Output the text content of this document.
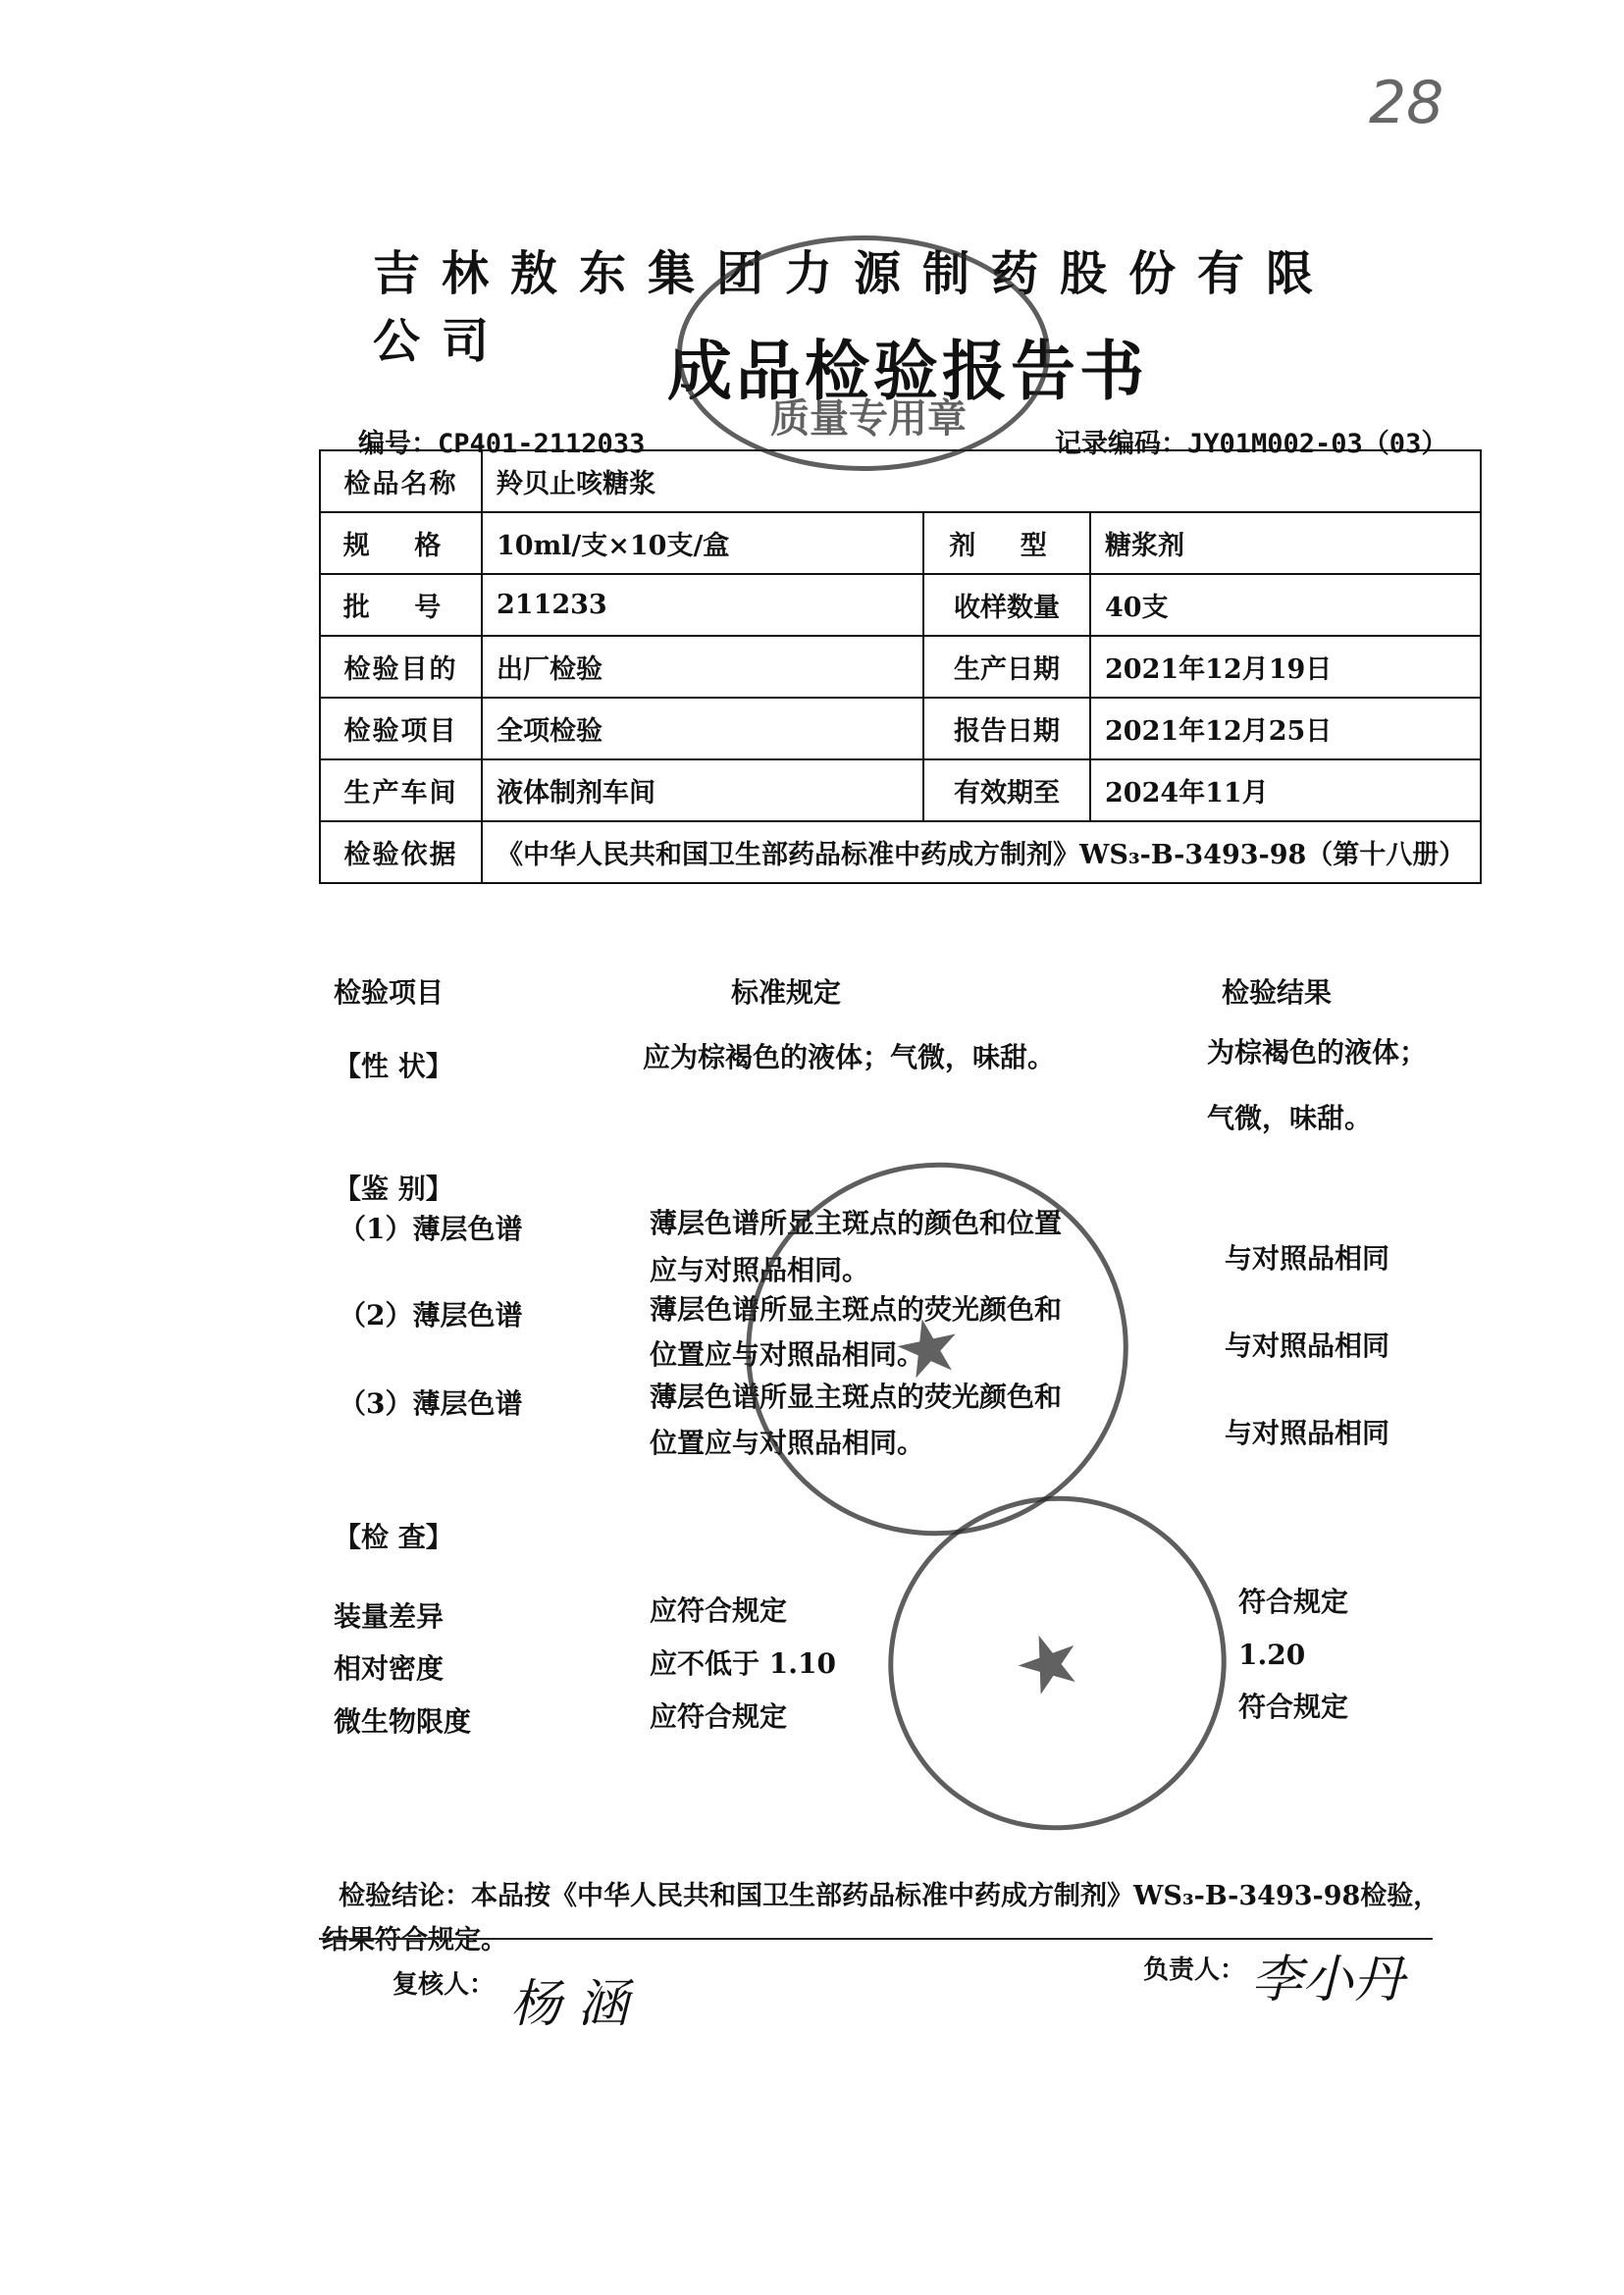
28
吉林敖东集团力源制药股份有限公司	成品检验报告书
编号：CP401-2112033	记录编码：JY01M002-03（03）
检品名称	羚贝止咳糖浆		
规 格	10ml/支×10支/盒	剂 型	糖浆剂
批 号	211233	收样数量	40支
检验目的	出厂检验	生产日期	2021年12月19日
检验项目	全项检验	报告日期	2021年12月25日
生产车间	液体制剂车间	有效期至	2024年11月
检验依据	《中华人民共和国卫生部药品标准中药成方制剂》WS₃-B-3493-98（第十八册）		
检验项目	标准规定	检验结果
【性 状】	应为棕褐色的液体；气微，味甜。	为棕褐色的液体；
气微，味甜。
【鉴 别】
（1）薄层色谱	薄层色谱所显主斑点的颜色和位置
应与对照品相同。	与对照品相同
（2）薄层色谱	薄层色谱所显主斑点的荧光颜色和
位置应与对照品相同。	与对照品相同
（3）薄层色谱	薄层色谱所显主斑点的荧光颜色和
位置应与对照品相同。	与对照品相同
【检 查】
装量差异	应符合规定	符合规定
相对密度	应不低于 1.10	1.20
微生物限度	应符合规定	符合规定
检验结论：本品按《中华人民共和国卫生部药品标准中药成方制剂》WS₃-B-3493-98检验，
结果符合规定。
复核人： 杨 涵
负责人： 李小丹
质量专用章
★
★
